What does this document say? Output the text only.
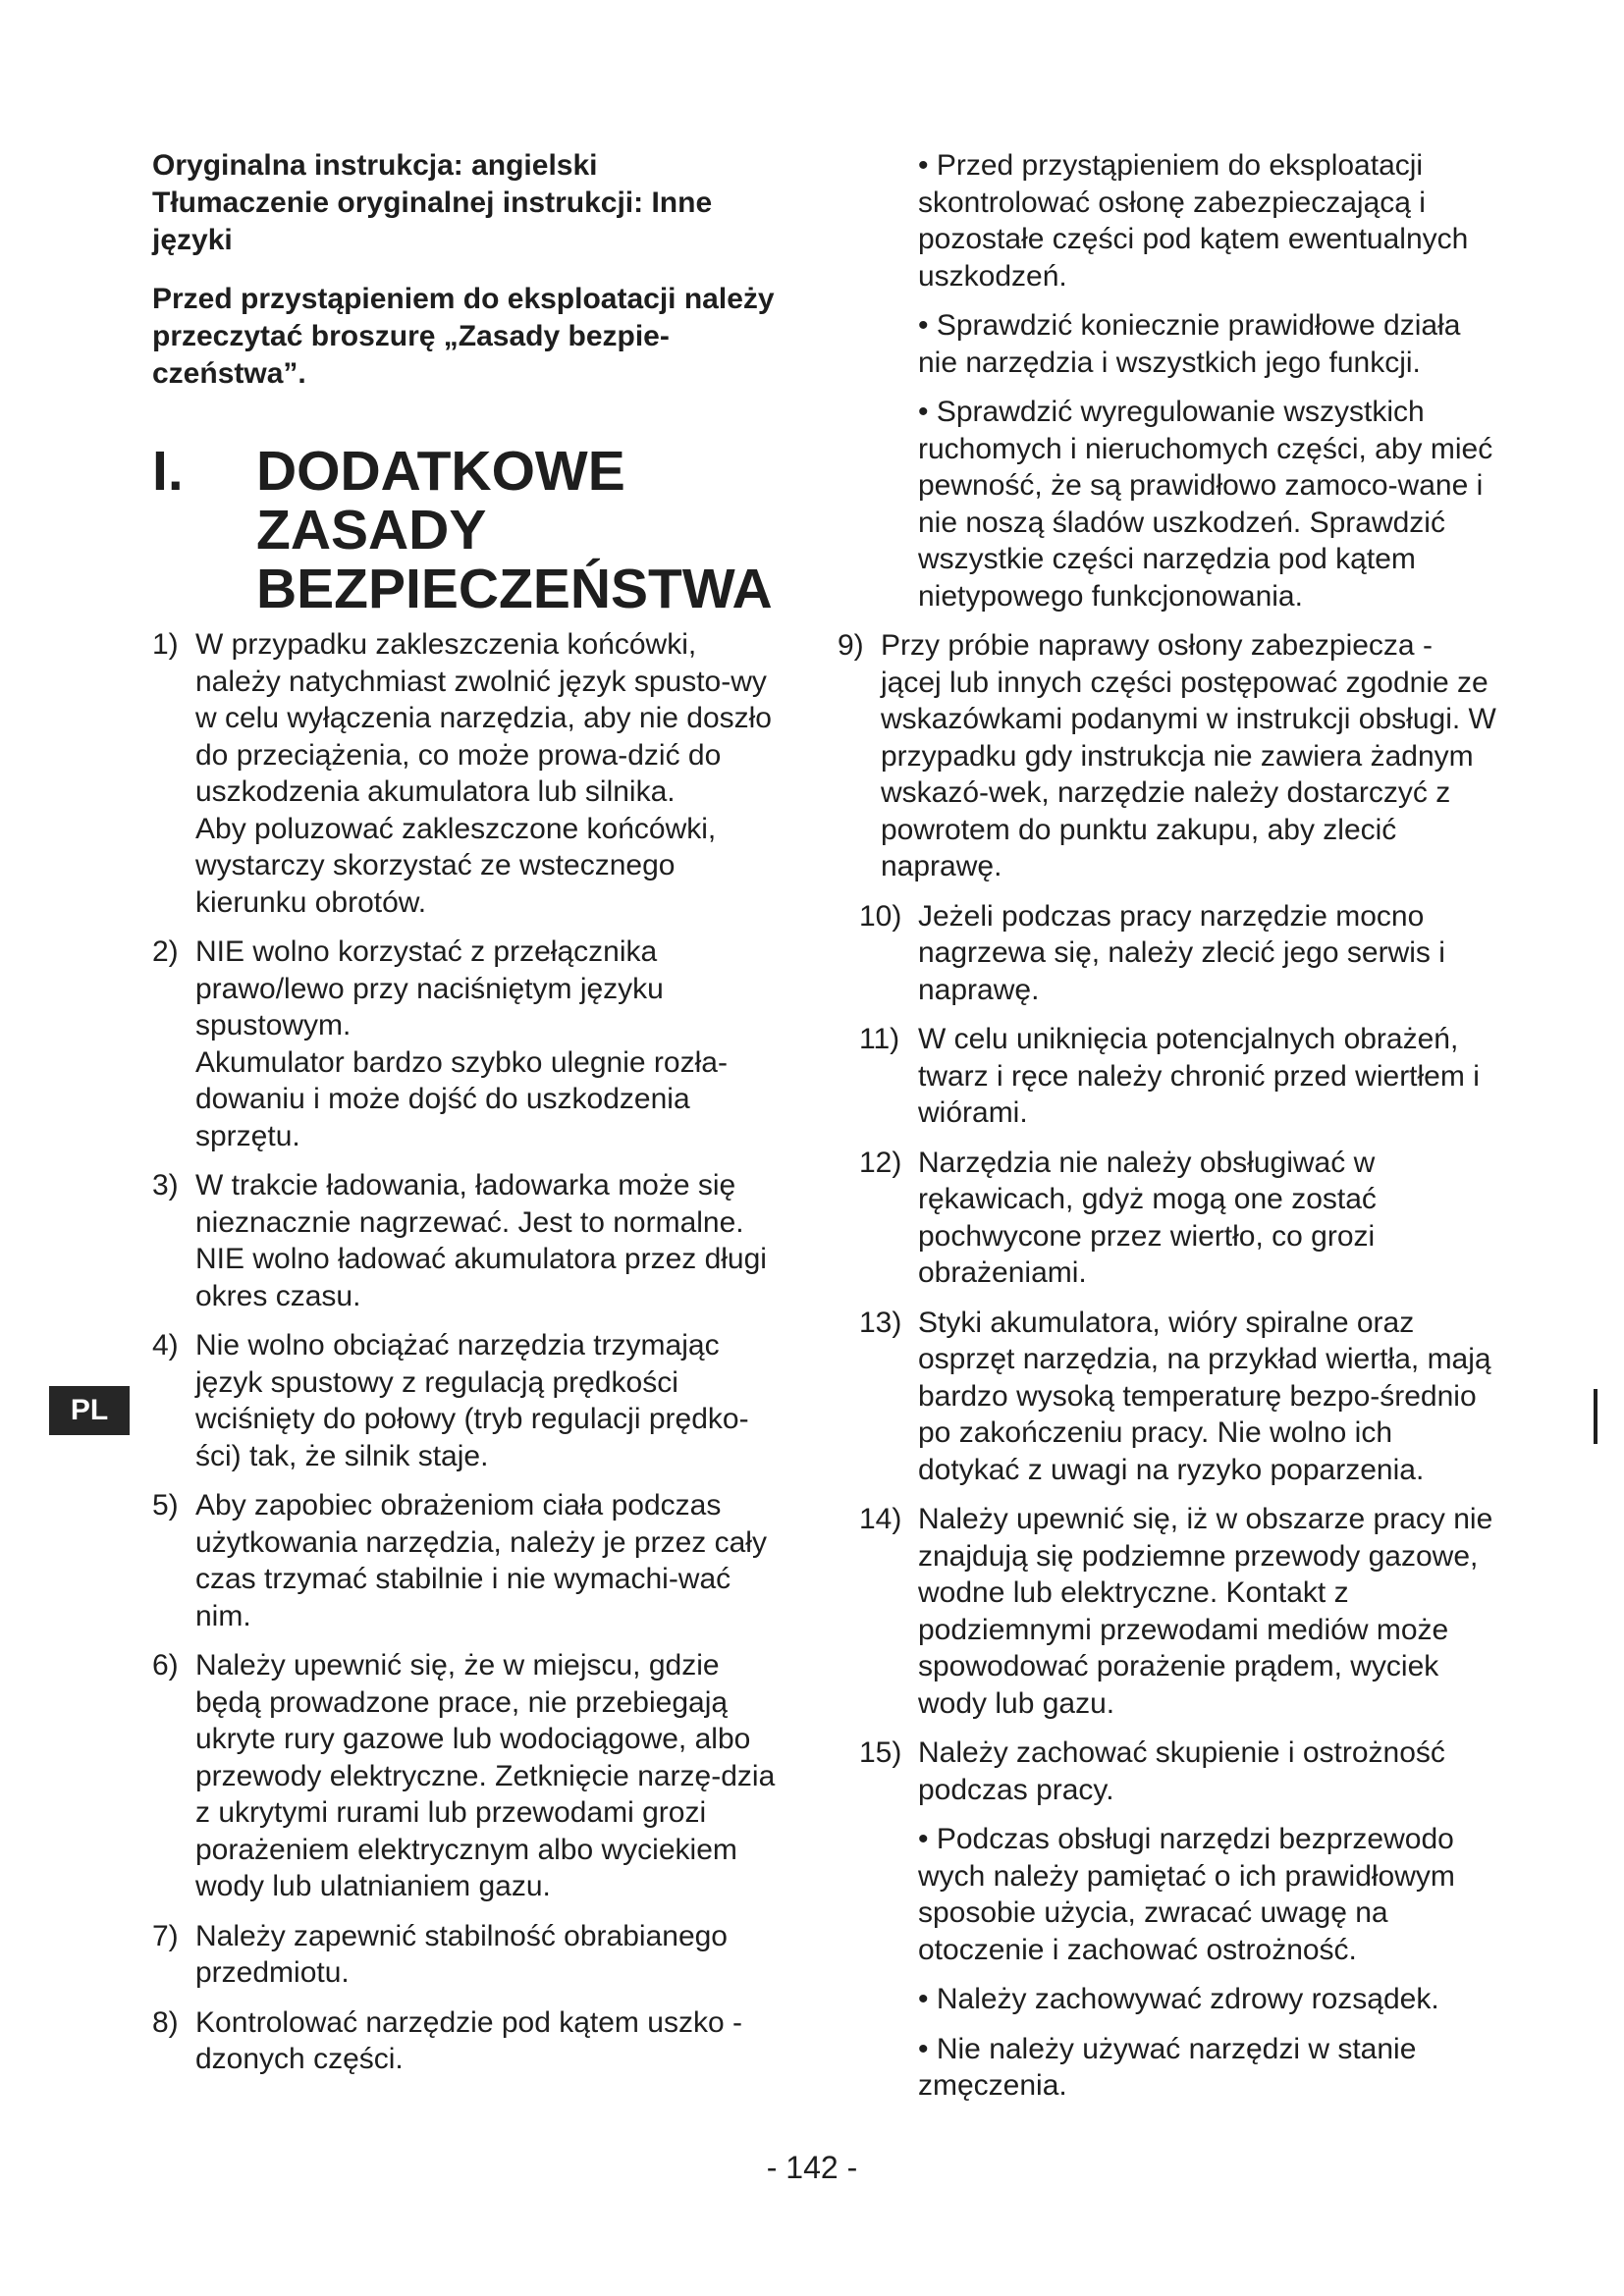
Oryginalna instrukcja: angielski
Tłumaczenie oryginalnej instrukcji: Inne języki

Przed przystąpieniem do eksploatacji należy przeczytać broszurę „Zasady bezpie-czeństwa”.

I. DODATKOWE ZASADY BEZPIECZEŃSTWA
1) W przypadku zakleszczenia końcówki, należy natychmiast zwolnić język spusto-wy w celu wyłączenia narzędzia, aby nie doszło do przeciążenia, co może prowa-dzić do uszkodzenia akumulatora lub silnika.
Aby poluzować zakleszczone końcówki, wystarczy skorzystać ze wstecznego kierunku obrotów.
2) NIE wolno korzystać z przełącznika prawo/lewo przy naciśniętym języku spustowym.
Akumulator bardzo szybko ulegnie rozła-dowaniu i może dojść do uszkodzenia sprzętu.
3) W trakcie ładowania, ładowarka może się nieznacznie nagrzewać. Jest to normalne. NIE wolno ładować akumulatora przez długi okres czasu.
4) Nie wolno obciążać narzędzia trzymając język spustowy z regulacją prędkości wciśnięty do połowy (tryb regulacji prędko-ści) tak, że silnik staje.
5) Aby zapobiec obrażeniom ciała podczas użytkowania narzędzia, należy je przez cały czas trzymać stabilnie i nie wymachi-wać nim.
6) Należy upewnić się, że w miejscu, gdzie będą prowadzone prace, nie przebiegają ukryte rury gazowe lub wodociągowe, albo przewody elektryczne. Zetknięcie narzę-dzia z ukrytymi rurami lub przewodami grozi porażeniem elektrycznym albo wyciekiem wody lub ulatnianiem gazu.
7) Należy zapewnić stabilność obrabianego przedmiotu.
8) Kontrolować narzędzie pod kątem uszko - dzonych części.
• Przed przystąpieniem do eksploatacji skontrolować osłonę zabezpieczającą i pozostałe części pod kątem ewentualnych uszkodzeń.
• Sprawdzić koniecznie prawidłowe działa nie narzędzia i wszystkich jego funkcji.
• Sprawdzić wyregulowanie wszystkich ruchomych i nieruchomych części, aby mieć pewność, że są prawidłowo zamoco-wane i nie noszą śladów uszkodzeń. Sprawdzić wszystkie części narzędzia pod kątem nietypowego funkcjonowania.
9) Przy próbie naprawy osłony zabezpiecza - jącej lub innych części postępować zgodnie ze wskazówkami podanymi w instrukcji obsługi. W przypadku gdy instrukcja nie zawiera żadnym wskazó-wek, narzędzie należy dostarczyć z powrotem do punktu zakupu, aby zlecić naprawę.
10) Jeżeli podczas pracy narzędzie mocno nagrzewa się, należy zlecić jego serwis i naprawę.
11) W celu uniknięcia potencjalnych obrażeń, twarz i ręce należy chronić przed wiertłem i wiórami.
12) Narzędzia nie należy obsługiwać w rękawicach, gdyż mogą one zostać pochwycone przez wiertło, co grozi obrażeniami.
13) Styki akumulatora, wióry spiralne oraz osprzęt narzędzia, na przykład wiertła, mają bardzo wysoką temperaturę bezpo-średnio po zakończeniu pracy. Nie wolno ich dotykać z uwagi na ryzyko poparzenia.
14) Należy upewnić się, iż w obszarze pracy nie znajdują się podziemne przewody gazowe, wodne lub elektryczne. Kontakt z podziemnymi przewodami mediów może spowodować porażenie prądem, wyciek wody lub gazu.
15) Należy zachować skupienie i ostrożność podczas pracy.
• Podczas obsługi narzędzi bezprzewodo wych należy pamiętać o ich prawidłowym sposobie użycia, zwracać uwagę na otoczenie i zachować ostrożność.
• Należy zachowywać zdrowy rozsądek.
• Nie należy używać narzędzi w stanie zmęczenia.
PL
- 142 -
